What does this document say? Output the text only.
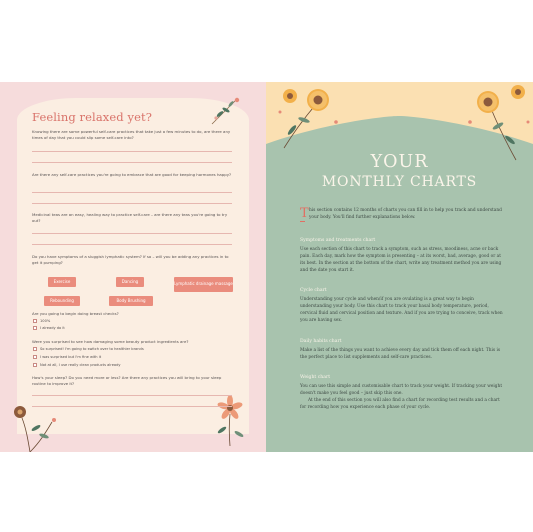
YOUR
MONTHLY CHARTS
Feeling relaxed yet?
Knowing there are some powerful self-care practices that take just a few minutes to do, are there any times of day that you could slip some self-care into?
Are there any self-care practices you're going to embrace that are good for keeping hormones happy?
Medicinal teas are an easy, healing way to practice self-care – are there any teas you're going to try out?
Do you have symptoms of a sluggish lymphatic system? If so – will you be adding any practices in to get it pumping?
Exercise	Dancing	Lymphatic drainage massage
Rebounding	Body Brushing
Are you going to begin doing breast checks?
100%
I already do it
Were you surprised to see how damaging some beauty product ingredients are?
So surprised! I'm going to switch over to healthier brands
I was surprised but I'm fine with it
Not at all, I use really clean products already
How's your sleep? Do you need more or less? Are there any practices you will bring to your sleep routine to improve it?
T his section contains 12 months of charts you can fill in to help you track and understand your body. You'll find further explanations below.
Symptoms and treatments chart
Use each section of this chart to track a symptom, such as stress, moodiness, acne or back pain. Each day, mark how the symptom is presenting – at its worst, bad, average, good or at its best. In the section at the bottom of the chart, write any treatment method you are using and the date you start it.
Cycle chart
Understanding your cycle and when/if you are ovulating is a great way to begin understanding your body. Use this chart to track your basal body temperature, period, cervical fluid and cervical position and texture. And if you are trying to conceive, track when you are having sex.
Daily habits chart
Make a list of the things you want to achieve every day and tick them off each night. This is the perfect place to list supplements and self-care practices.
Weight chart
You can use this simple and customisable chart to track your weight. If tracking your weight doesn't make you feel good – just skip this one.
At the end of this section you will also find a chart for recording test results and a chart for recording how you experience each phase of your cycle.
